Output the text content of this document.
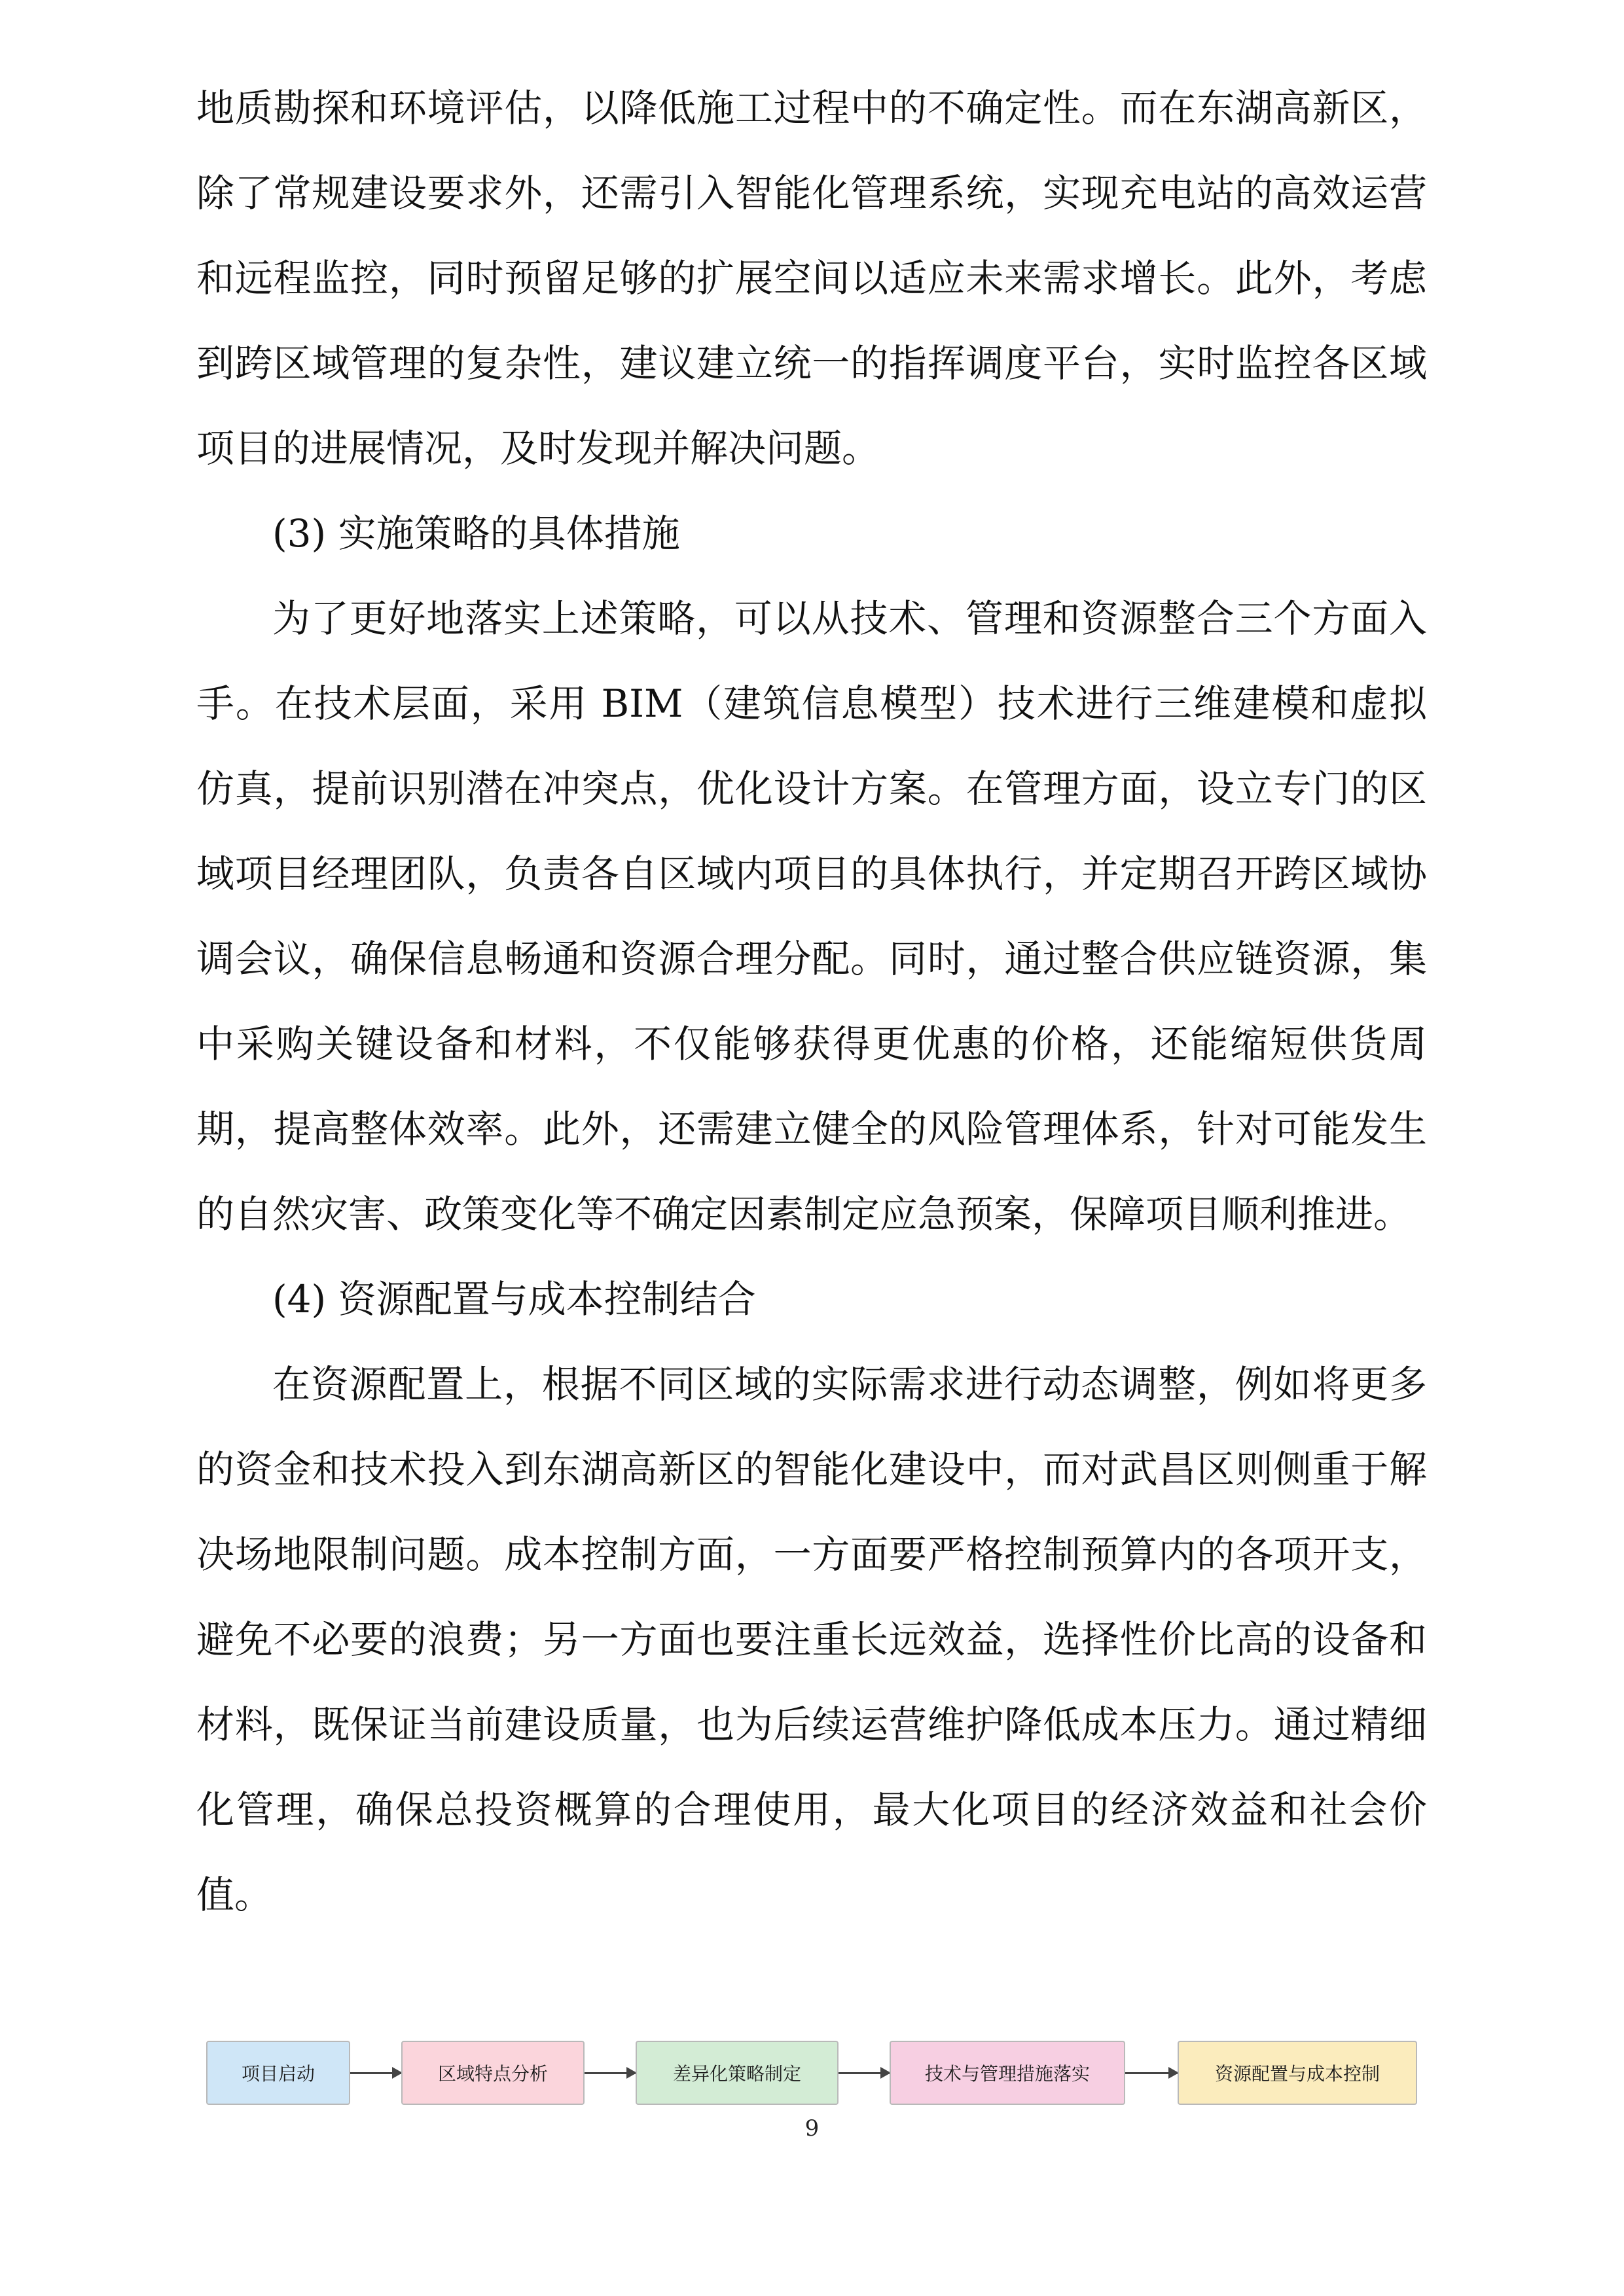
地质勘探和环境评估，以降低施工过程中的不确定性。而在东湖高新区，除了常规建设要求外，还需引入智能化管理系统，实现充电站的高效运营和远程监控，同时预留足够的扩展空间以适应未来需求增长。此外，考虑到跨区域管理的复杂性，建议建立统一的指挥调度平台，实时监控各区域项目的进展情况，及时发现并解决问题。

(3) 实施策略的具体措施

为了更好地落实上述策略，可以从技术、管理和资源整合三个方面入手。在技术层面，采用 BIM（建筑信息模型）技术进行三维建模和虚拟仿真，提前识别潜在冲突点，优化设计方案。在管理方面，设立专门的区域项目经理团队，负责各自区域内项目的具体执行，并定期召开跨区域协调会议，确保信息畅通和资源合理分配。同时，通过整合供应链资源，集中采购关键设备和材料，不仅能够获得更优惠的价格，还能缩短供货周期，提高整体效率。此外，还需建立健全的风险管理体系，针对可能发生的自然灾害、政策变化等不确定因素制定应急预案，保障项目顺利推进。

(4) 资源配置与成本控制结合

在资源配置上，根据不同区域的实际需求进行动态调整，例如将更多的资金和技术投入到东湖高新区的智能化建设中，而对武昌区则侧重于解决场地限制问题。成本控制方面，一方面要严格控制预算内的各项开支，避免不必要的浪费；另一方面也要注重长远效益，选择性价比高的设备和材料，既保证当前建设质量，也为后续运营维护降低成本压力。通过精细化管理，确保总投资概算的合理使用，最大化项目的经济效益和社会价值。

项目启动	区域特点分析	差异化策略制定	技术与管理措施落实	资源配置与成本控制
9
